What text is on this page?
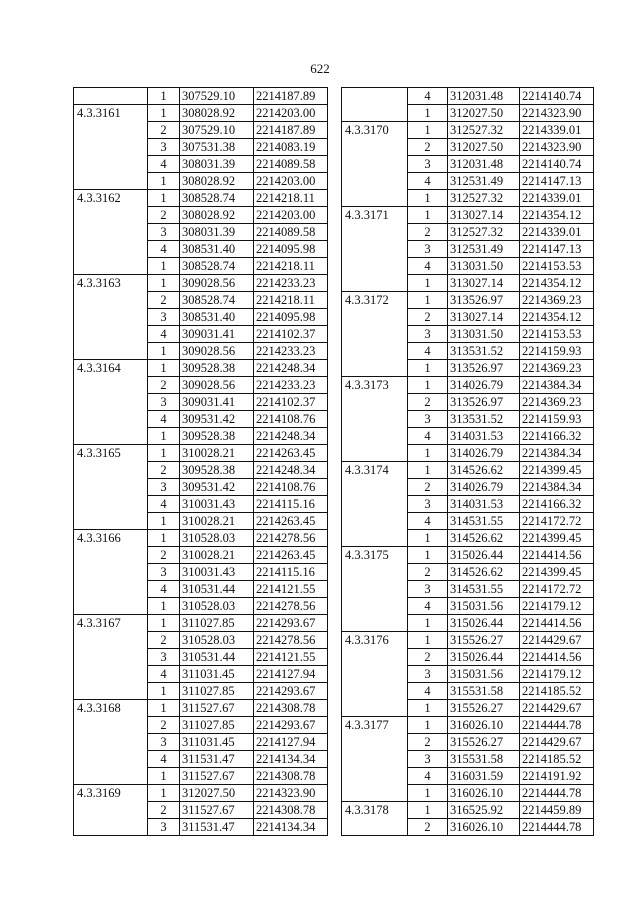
622
	1	307529.10	2214187.89
4.3.3161	1	308028.92	2214203.00
	2	307529.10	2214187.89
	3	307531.38	2214083.19
	4	308031.39	2214089.58
	1	308028.92	2214203.00
4.3.3162	1	308528.74	2214218.11
	2	308028.92	2214203.00
	3	308031.39	2214089.58
	4	308531.40	2214095.98
	1	308528.74	2214218.11
4.3.3163	1	309028.56	2214233.23
	2	308528.74	2214218.11
	3	308531.40	2214095.98
	4	309031.41	2214102.37
	1	309028.56	2214233.23
4.3.3164	1	309528.38	2214248.34
	2	309028.56	2214233.23
	3	309031.41	2214102.37
	4	309531.42	2214108.76
	1	309528.38	2214248.34
4.3.3165	1	310028.21	2214263.45
	2	309528.38	2214248.34
	3	309531.42	2214108.76
	4	310031.43	2214115.16
	1	310028.21	2214263.45
4.3.3166	1	310528.03	2214278.56
	2	310028.21	2214263.45
	3	310031.43	2214115.16
	4	310531.44	2214121.55
	1	310528.03	2214278.56
4.3.3167	1	311027.85	2214293.67
	2	310528.03	2214278.56
	3	310531.44	2214121.55
	4	311031.45	2214127.94
	1	311027.85	2214293.67
4.3.3168	1	311527.67	2214308.78
	2	311027.85	2214293.67
	3	311031.45	2214127.94
	4	311531.47	2214134.34
	1	311527.67	2214308.78
4.3.3169	1	312027.50	2214323.90
	2	311527.67	2214308.78
	3	311531.47	2214134.34
	4	312031.48	2214140.74
	1	312027.50	2214323.90
4.3.3170	1	312527.32	2214339.01
	2	312027.50	2214323.90
	3	312031.48	2214140.74
	4	312531.49	2214147.13
	1	312527.32	2214339.01
4.3.3171	1	313027.14	2214354.12
	2	312527.32	2214339.01
	3	312531.49	2214147.13
	4	313031.50	2214153.53
	1	313027.14	2214354.12
4.3.3172	1	313526.97	2214369.23
	2	313027.14	2214354.12
	3	313031.50	2214153.53
	4	313531.52	2214159.93
	1	313526.97	2214369.23
4.3.3173	1	314026.79	2214384.34
	2	313526.97	2214369.23
	3	313531.52	2214159.93
	4	314031.53	2214166.32
	1	314026.79	2214384.34
4.3.3174	1	314526.62	2214399.45
	2	314026.79	2214384.34
	3	314031.53	2214166.32
	4	314531.55	2214172.72
	1	314526.62	2214399.45
4.3.3175	1	315026.44	2214414.56
	2	314526.62	2214399.45
	3	314531.55	2214172.72
	4	315031.56	2214179.12
	1	315026.44	2214414.56
4.3.3176	1	315526.27	2214429.67
	2	315026.44	2214414.56
	3	315031.56	2214179.12
	4	315531.58	2214185.52
	1	315526.27	2214429.67
4.3.3177	1	316026.10	2214444.78
	2	315526.27	2214429.67
	3	315531.58	2214185.52
	4	316031.59	2214191.92
	1	316026.10	2214444.78
4.3.3178	1	316525.92	2214459.89
	2	316026.10	2214444.78
